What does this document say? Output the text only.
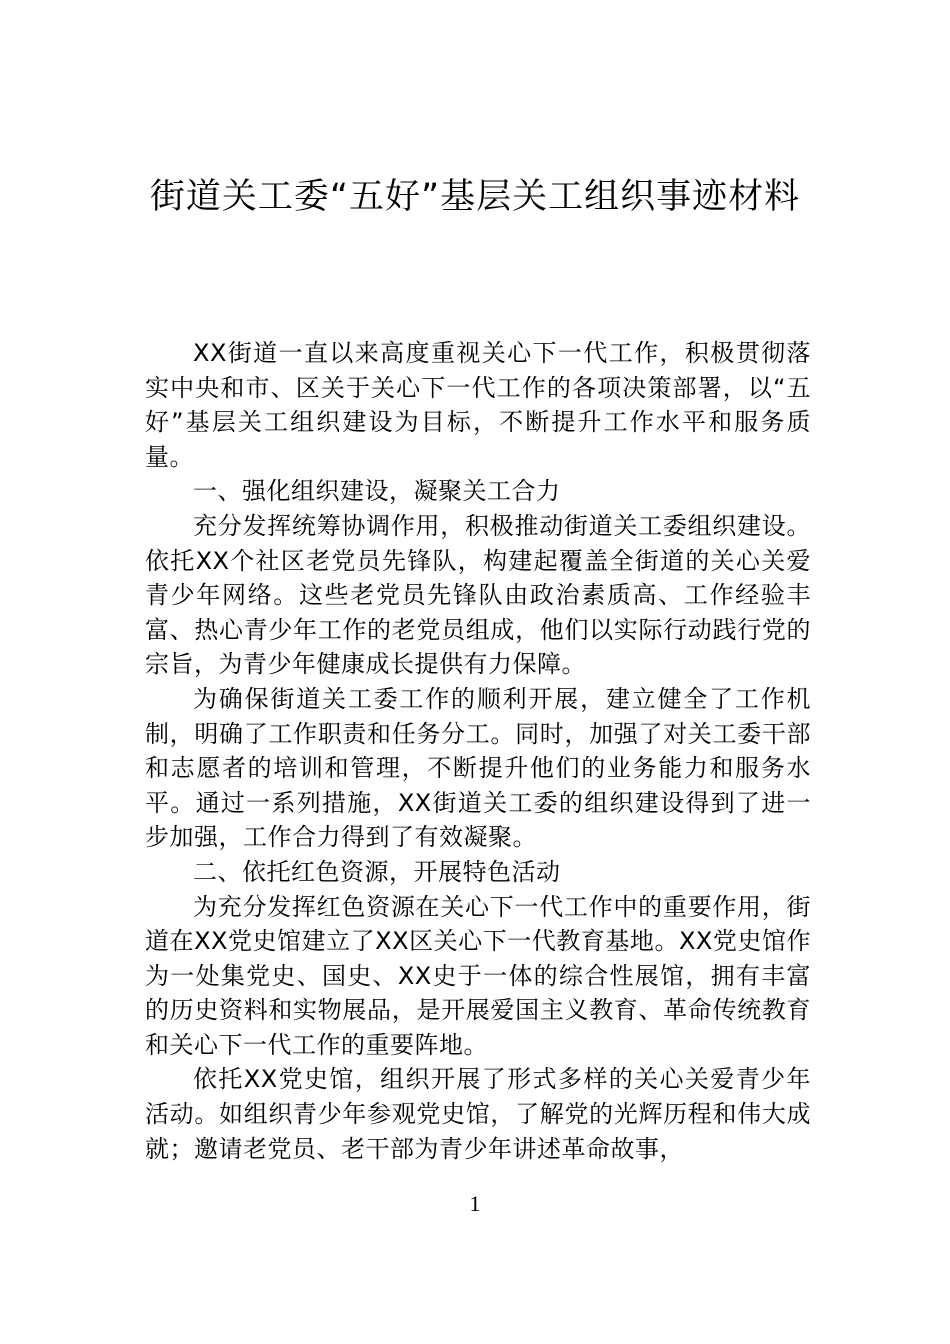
街道关工委“五好”基层关工组织事迹材料

XX街道一直以来高度重视关心下一代工作，积极贯彻落实中央和市、区关于关心下一代工作的各项决策部署，以“五好”基层关工组织建设为目标，不断提升工作水平和服务质量。

一、强化组织建设，凝聚关工合力

充分发挥统筹协调作用，积极推动街道关工委组织建设。依托XX个社区老党员先锋队，构建起覆盖全街道的关心关爱青少年网络。这些老党员先锋队由政治素质高、工作经验丰富、热心青少年工作的老党员组成，他们以实际行动践行党的宗旨，为青少年健康成长提供有力保障。

为确保街道关工委工作的顺利开展，建立健全了工作机制，明确了工作职责和任务分工。同时，加强了对关工委干部和志愿者的培训和管理，不断提升他们的业务能力和服务水平。通过一系列措施，XX街道关工委的组织建设得到了进一步加强，工作合力得到了有效凝聚。

二、依托红色资源，开展特色活动

为充分发挥红色资源在关心下一代工作中的重要作用，街道在XX党史馆建立了XX区关心下一代教育基地。XX党史馆作为一处集党史、国史、XX史于一体的综合性展馆，拥有丰富的历史资料和实物展品，是开展爱国主义教育、革命传统教育和关心下一代工作的重要阵地。

依托XX党史馆，组织开展了形式多样的关心关爱青少年活动。如组织青少年参观党史馆，了解党的光辉历程和伟大成就；邀请老党员、老干部为青少年讲述革命故事，

1
